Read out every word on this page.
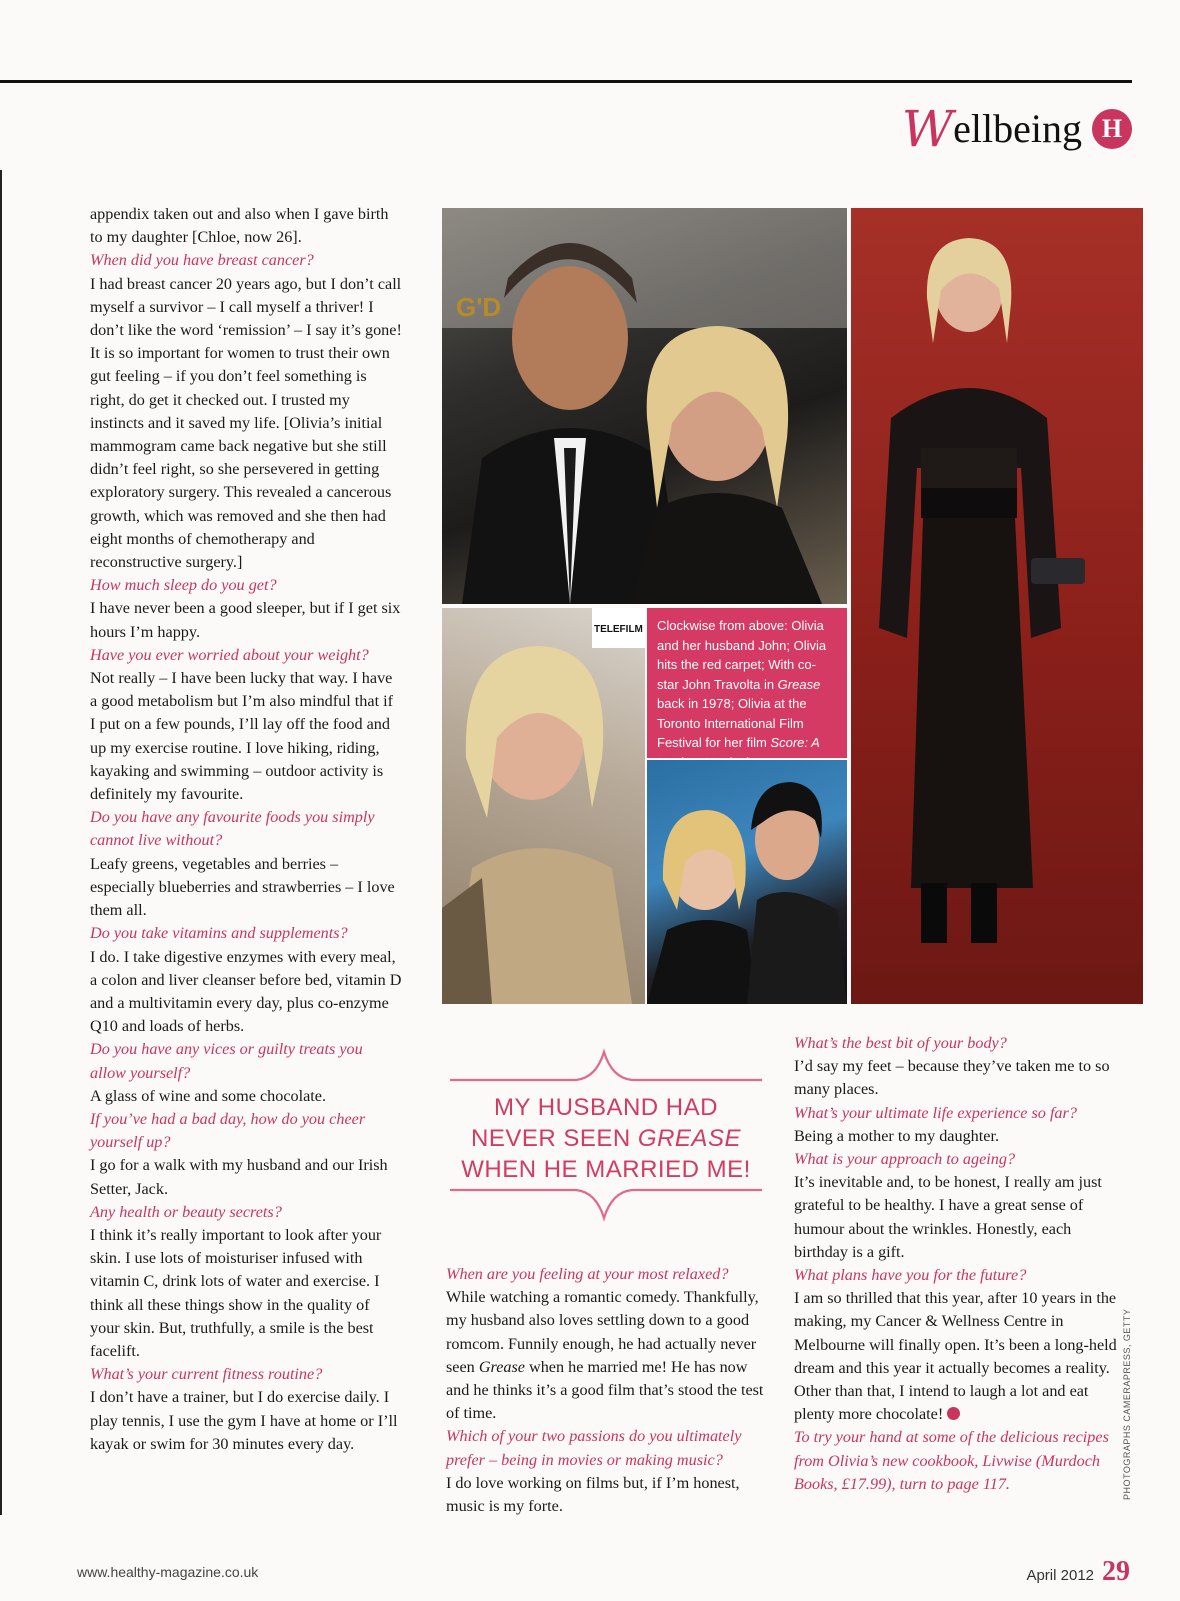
W ellbeing H

appendix taken out and also when I gave birth to my daughter [Chloe, now 26].

When did you have breast cancer?

I had breast cancer 20 years ago, but I don’t call myself a survivor – I call myself a thriver! I don’t like the word ‘remission’ – I say it’s gone! It is so important for women to trust their own gut feeling – if you don’t feel something is right, do get it checked out. I trusted my instincts and it saved my life. [Olivia’s initial mammogram came back negative but she still didn’t feel right, so she persevered in getting exploratory surgery. This revealed a cancerous growth, which was removed and she then had eight months of chemotherapy and reconstructive surgery.]

How much sleep do you get?

I have never been a good sleeper, but if I get six hours I’m happy.

Have you ever worried about your weight?

Not really – I have been lucky that way. I have a good metabolism but I’m also mindful that if I put on a few pounds, I’ll lay off the food and up my exercise routine. I love hiking, riding, kayaking and swimming – outdoor activity is definitely my favourite.

Do you have any favourite foods you simply cannot live without?

Leafy greens, vegetables and berries – especially blueberries and strawberries – I love them all.

Do you take vitamins and supplements?

I do. I take digestive enzymes with every meal, a colon and liver cleanser before bed, vitamin D and a multivitamin every day, plus co-enzyme Q10 and loads of herbs.

Do you have any vices or guilty treats you allow yourself?

A glass of wine and some chocolate.

If you’ve had a bad day, how do you cheer yourself up?

I go for a walk with my husband and our Irish Setter, Jack.

Any health or beauty secrets?

I think it’s really important to look after your skin. I use lots of moisturiser infused with vitamin C, drink lots of water and exercise. I think all these things show in the quality of your skin. But, truthfully, a smile is the best facelift.

What’s your current fitness routine?

I don’t have a trainer, but I do exercise daily. I play tennis, I use the gym I have at home or I’ll kayak or swim for 30 minutes every day.

G'D
TELEFILM	Clockwise from above: Olivia and her husband John; Olivia hits the red carpet; With co-star John Travolta in Grease back in 1978; Olivia at the Toronto International Film Festival for her film Score: A
MY HUSBAND HAD
NEVER SEEN GREASE
WHEN HE MARRIED ME!

When are you feeling at your most relaxed?

While watching a romantic comedy. Thankfully, my husband also loves settling down to a good romcom. Funnily enough, he had actually never seen Grease when he married me! He has now and he thinks it’s a good film that’s stood the test of time.

Which of your two passions do you ultimately prefer – being in movies or making music?

I do love working on films but, if I’m honest, music is my forte.

What’s the best bit of your body?

I’d say my feet – because they’ve taken me to so many places.

What’s your ultimate life experience so far?

Being a mother to my daughter.

What is your approach to ageing?

It’s inevitable and, to be honest, I really am just grateful to be healthy. I have a great sense of humour about the wrinkles. Honestly, each birthday is a gift.

What plans have you for the future?

I am so thrilled that this year, after 10 years in the making, my Cancer & Wellness Centre in Melbourne will finally open. It’s been a long-held dream and this year it actually becomes a reality. Other than that, I intend to laugh a lot and eat plenty more chocolate!

To try your hand at some of the delicious recipes from Olivia’s new cookbook, Livwise (Murdoch Books, £17.99), turn to page 117.	PHOTOGRAPHS CAMERAPRESS, GETTY
www.healthy-magazine.co.uk	April 2012 29
